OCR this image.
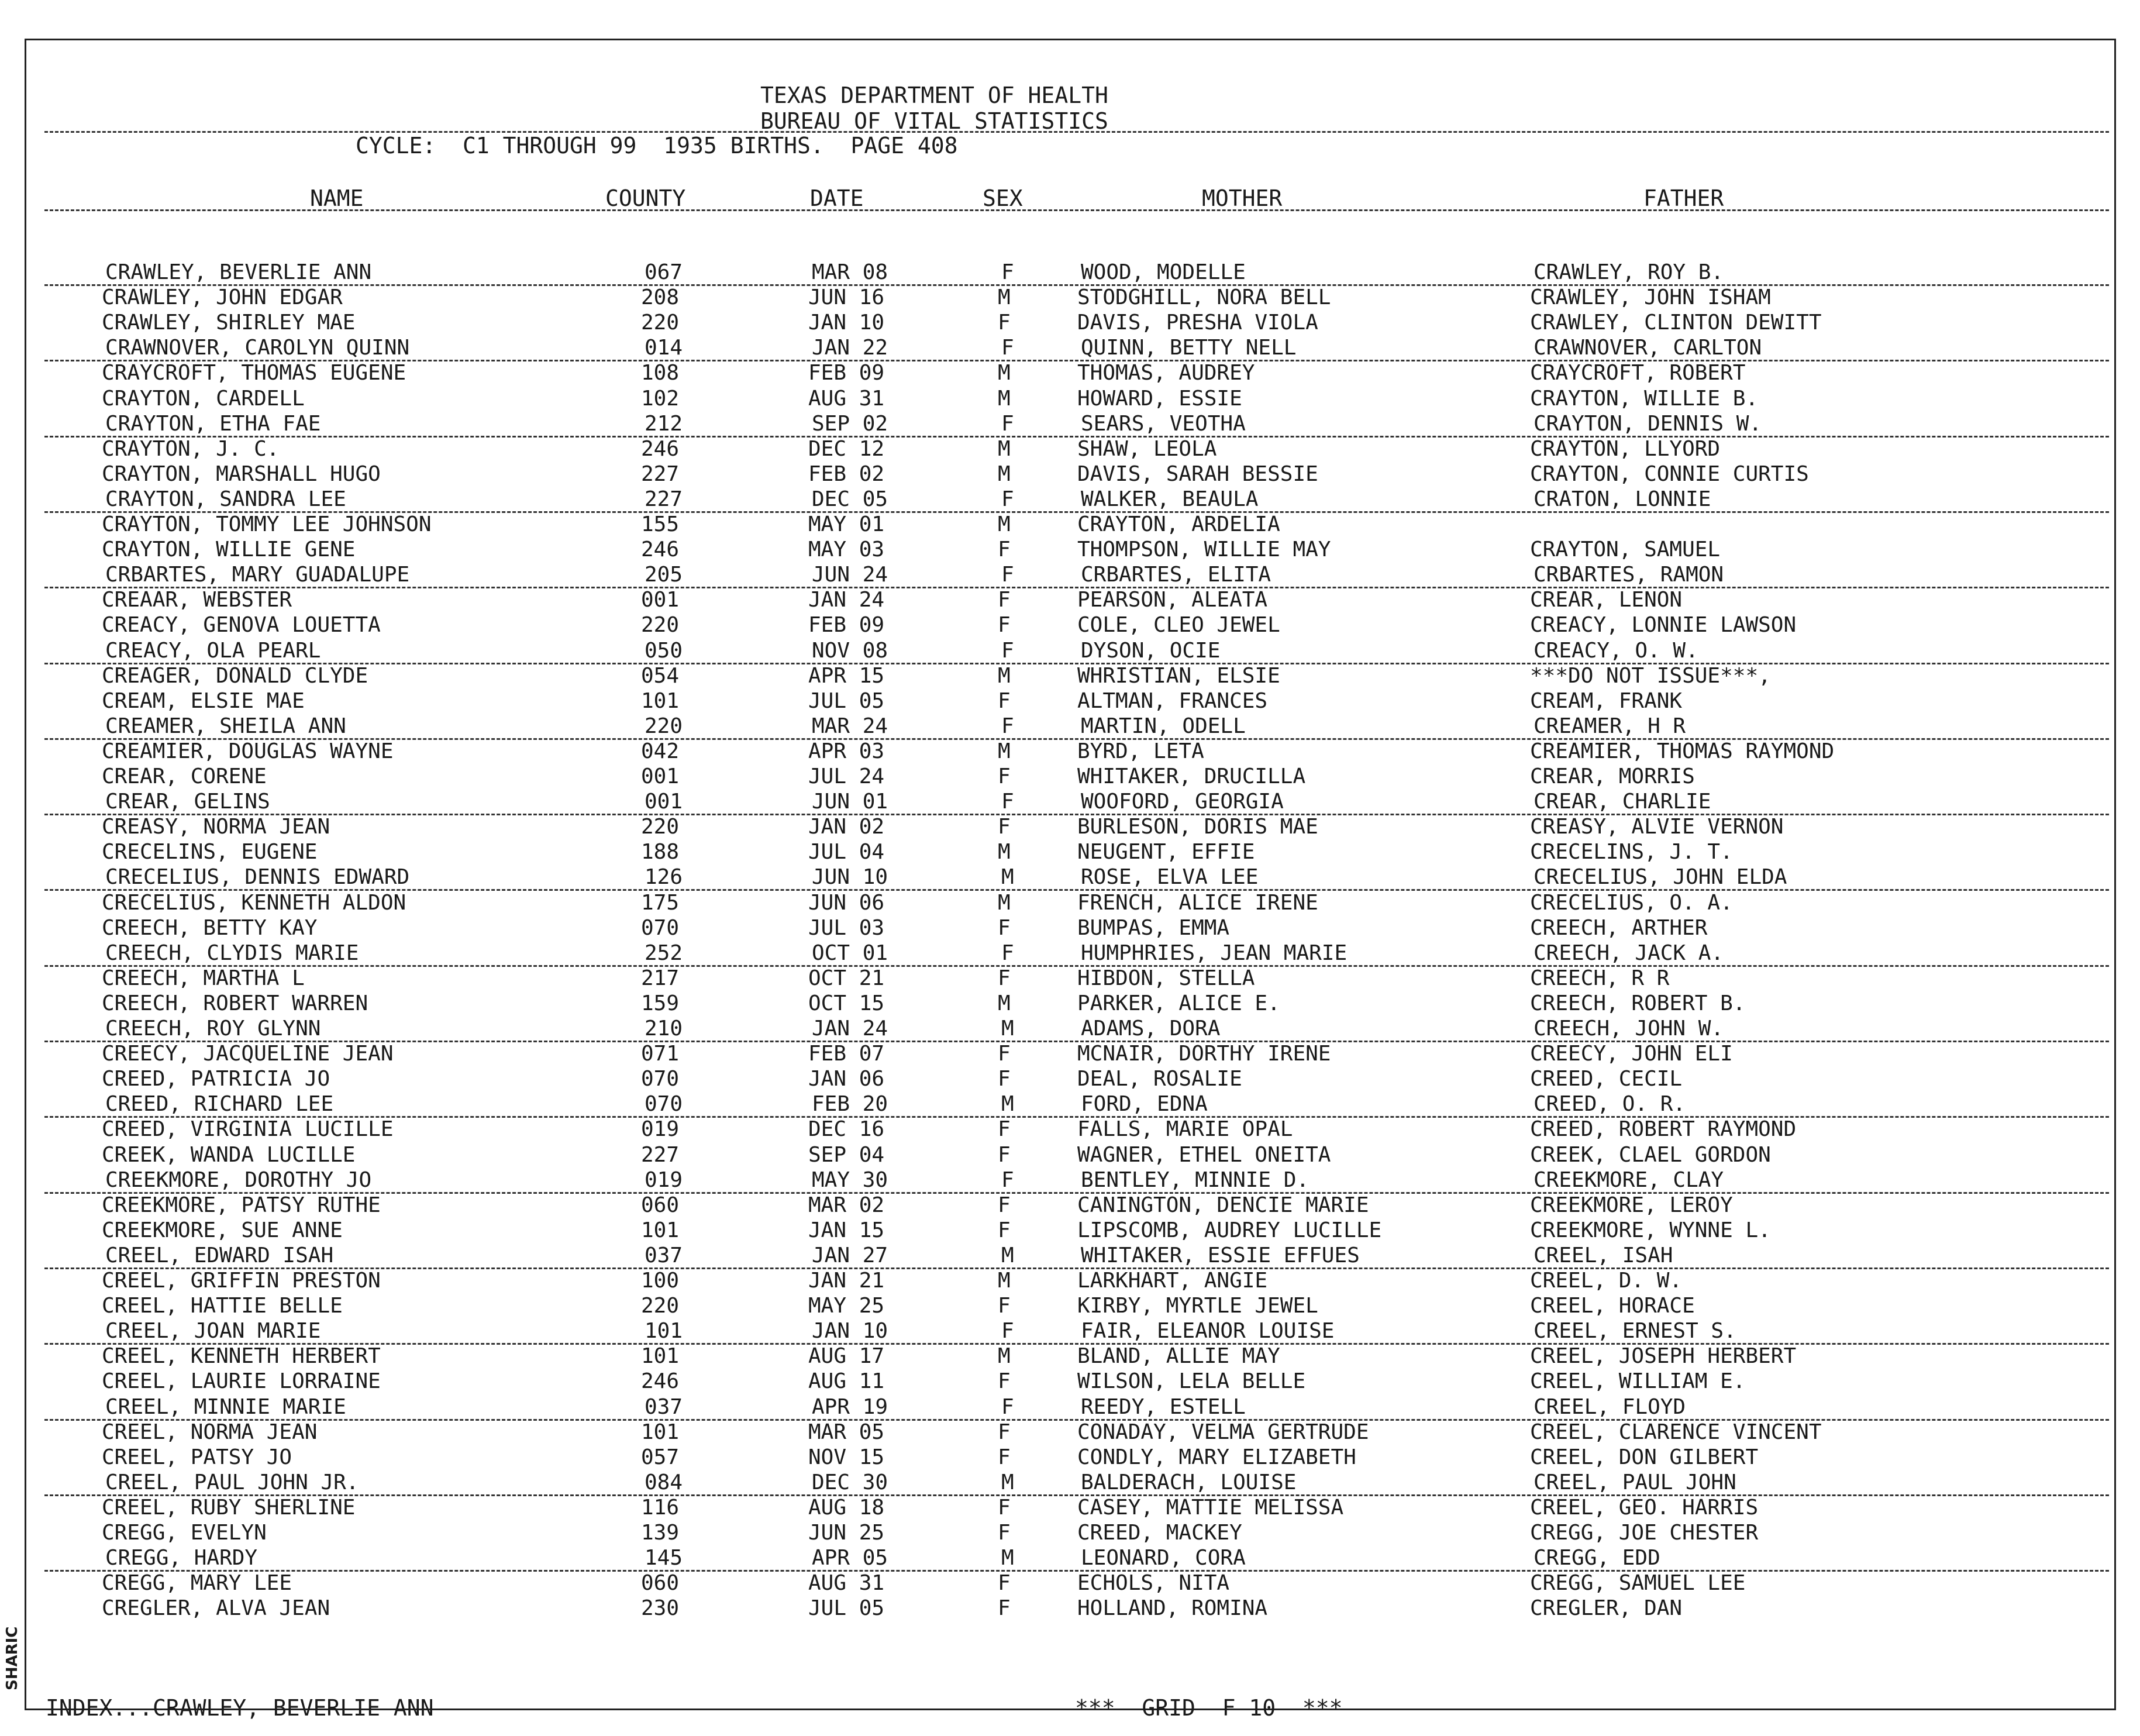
TEXAS DEPARTMENT OF HEALTH
BUREAU OF VITAL STATISTICS
CYCLE:  C1 THROUGH 99  1935 BIRTHS.  PAGE 408
NAME	COUNTY	DATE	SEX	MOTHER	FATHER
CRAWLEY, BEVERLIE ANN	067	MAR 08	F	WOOD, MODELLE	CRAWLEY, ROY B.
CRAWLEY, JOHN EDGAR	208	JUN 16	M	STODGHILL, NORA BELL	CRAWLEY, JOHN ISHAM
CRAWLEY, SHIRLEY MAE	220	JAN 10	F	DAVIS, PRESHA VIOLA	CRAWLEY, CLINTON DEWITT
CRAWNOVER, CAROLYN QUINN	014	JAN 22	F	QUINN, BETTY NELL	CRAWNOVER, CARLTON
CRAYCROFT, THOMAS EUGENE	108	FEB 09	M	THOMAS, AUDREY	CRAYCROFT, ROBERT
CRAYTON, CARDELL	102	AUG 31	M	HOWARD, ESSIE	CRAYTON, WILLIE B.
CRAYTON, ETHA FAE	212	SEP 02	F	SEARS, VEOTHA	CRAYTON, DENNIS W.
CRAYTON, J. C.	246	DEC 12	M	SHAW, LEOLA	CRAYTON, LLYORD
CRAYTON, MARSHALL HUGO	227	FEB 02	M	DAVIS, SARAH BESSIE	CRAYTON, CONNIE CURTIS
CRAYTON, SANDRA LEE	227	DEC 05	F	WALKER, BEAULA	CRATON, LONNIE
CRAYTON, TOMMY LEE JOHNSON	155	MAY 01	M	CRAYTON, ARDELIA
CRAYTON, WILLIE GENE	246	MAY 03	F	THOMPSON, WILLIE MAY	CRAYTON, SAMUEL
CRBARTES, MARY GUADALUPE	205	JUN 24	F	CRBARTES, ELITA	CRBARTES, RAMON
CREAAR, WEBSTER	001	JAN 24	F	PEARSON, ALEATA	CREAR, LENON
CREACY, GENOVA LOUETTA	220	FEB 09	F	COLE, CLEO JEWEL	CREACY, LONNIE LAWSON
CREACY, OLA PEARL	050	NOV 08	F	DYSON, OCIE	CREACY, O. W.
CREAGER, DONALD CLYDE	054	APR 15	M	WHRISTIAN, ELSIE	***DO NOT ISSUE***,
CREAM, ELSIE MAE	101	JUL 05	F	ALTMAN, FRANCES	CREAM, FRANK
CREAMER, SHEILA ANN	220	MAR 24	F	MARTIN, ODELL	CREAMER, H R
CREAMIER, DOUGLAS WAYNE	042	APR 03	M	BYRD, LETA	CREAMIER, THOMAS RAYMOND
CREAR, CORENE	001	JUL 24	F	WHITAKER, DRUCILLA	CREAR, MORRIS
CREAR, GELINS	001	JUN 01	F	WOOFORD, GEORGIA	CREAR, CHARLIE
CREASY, NORMA JEAN	220	JAN 02	F	BURLESON, DORIS MAE	CREASY, ALVIE VERNON
CRECELINS, EUGENE	188	JUL 04	M	NEUGENT, EFFIE	CRECELINS, J. T.
CRECELIUS, DENNIS EDWARD	126	JUN 10	M	ROSE, ELVA LEE	CRECELIUS, JOHN ELDA
CRECELIUS, KENNETH ALDON	175	JUN 06	M	FRENCH, ALICE IRENE	CRECELIUS, O. A.
CREECH, BETTY KAY	070	JUL 03	F	BUMPAS, EMMA	CREECH, ARTHER
CREECH, CLYDIS MARIE	252	OCT 01	F	HUMPHRIES, JEAN MARIE	CREECH, JACK A.
CREECH, MARTHA L	217	OCT 21	F	HIBDON, STELLA	CREECH, R R
CREECH, ROBERT WARREN	159	OCT 15	M	PARKER, ALICE E.	CREECH, ROBERT B.
CREECH, ROY GLYNN	210	JAN 24	M	ADAMS, DORA	CREECH, JOHN W.
CREECY, JACQUELINE JEAN	071	FEB 07	F	MCNAIR, DORTHY IRENE	CREECY, JOHN ELI
CREED, PATRICIA JO	070	JAN 06	F	DEAL, ROSALIE	CREED, CECIL
CREED, RICHARD LEE	070	FEB 20	M	FORD, EDNA	CREED, O. R.
CREED, VIRGINIA LUCILLE	019	DEC 16	F	FALLS, MARIE OPAL	CREED, ROBERT RAYMOND
CREEK, WANDA LUCILLE	227	SEP 04	F	WAGNER, ETHEL ONEITA	CREEK, CLAEL GORDON
CREEKMORE, DOROTHY JO	019	MAY 30	F	BENTLEY, MINNIE D.	CREEKMORE, CLAY
CREEKMORE, PATSY RUTHE	060	MAR 02	F	CANINGTON, DENCIE MARIE	CREEKMORE, LEROY
CREEKMORE, SUE ANNE	101	JAN 15	F	LIPSCOMB, AUDREY LUCILLE	CREEKMORE, WYNNE L.
CREEL, EDWARD ISAH	037	JAN 27	M	WHITAKER, ESSIE EFFUES	CREEL, ISAH
CREEL, GRIFFIN PRESTON	100	JAN 21	M	LARKHART, ANGIE	CREEL, D. W.
CREEL, HATTIE BELLE	220	MAY 25	F	KIRBY, MYRTLE JEWEL	CREEL, HORACE
CREEL, JOAN MARIE	101	JAN 10	F	FAIR, ELEANOR LOUISE	CREEL, ERNEST S.
CREEL, KENNETH HERBERT	101	AUG 17	M	BLAND, ALLIE MAY	CREEL, JOSEPH HERBERT
CREEL, LAURIE LORRAINE	246	AUG 11	F	WILSON, LELA BELLE	CREEL, WILLIAM E.
CREEL, MINNIE MARIE	037	APR 19	F	REEDY, ESTELL	CREEL, FLOYD
CREEL, NORMA JEAN	101	MAR 05	F	CONADAY, VELMA GERTRUDE	CREEL, CLARENCE VINCENT
CREEL, PATSY JO	057	NOV 15	F	CONDLY, MARY ELIZABETH	CREEL, DON GILBERT
CREEL, PAUL JOHN JR.	084	DEC 30	M	BALDERACH, LOUISE	CREEL, PAUL JOHN
CREEL, RUBY SHERLINE	116	AUG 18	F	CASEY, MATTIE MELISSA	CREEL, GEO. HARRIS
CREGG, EVELYN	139	JUN 25	F	CREED, MACKEY	CREGG, JOE CHESTER
CREGG, HARDY	145	APR 05	M	LEONARD, CORA	CREGG, EDD
CREGG, MARY LEE	060	AUG 31	F	ECHOLS, NITA	CREGG, SAMUEL LEE
CREGLER, ALVA JEAN	230	JUL 05	F	HOLLAND, ROMINA	CREGLER, DAN
INDEX...CRAWLEY, BEVERLIE ANN	***  GRID  F 10  ***
SHARIC
